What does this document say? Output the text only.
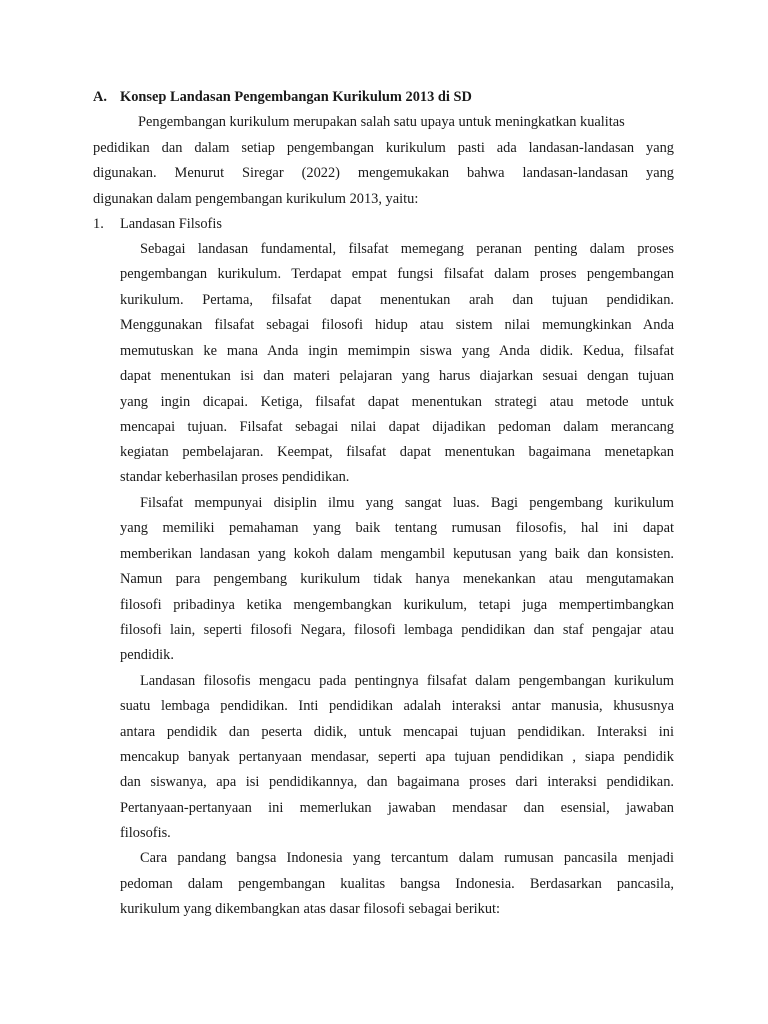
A. Konsep Landasan Pengembangan Kurikulum 2013 di SD
Pengembangan kurikulum merupakan salah satu upaya untuk meningkatkan kualitas
pedidikan dan dalam setiap pengembangan kurikulum pasti ada landasan-landasan yang
digunakan. Menurut Siregar (2022) mengemukakan bahwa landasan-landasan yang
digunakan dalam pengembangan kurikulum 2013, yaitu:
1. Landasan Filsofis
Sebagai landasan fundamental, filsafat memegang peranan penting dalam proses
pengembangan kurikulum. Terdapat empat fungsi filsafat dalam proses pengembangan
kurikulum. Pertama, filsafat dapat menentukan arah dan tujuan pendidikan.
Menggunakan filsafat sebagai filosofi hidup atau sistem nilai memungkinkan Anda
memutuskan ke mana Anda ingin memimpin siswa yang Anda didik. Kedua, filsafat
dapat menentukan isi dan materi pelajaran yang harus diajarkan sesuai dengan tujuan
yang ingin dicapai. Ketiga, filsafat dapat menentukan strategi atau metode untuk
mencapai tujuan. Filsafat sebagai nilai dapat dijadikan pedoman dalam merancang
kegiatan pembelajaran. Keempat, filsafat dapat menentukan bagaimana menetapkan
standar keberhasilan proses pendidikan.
Filsafat mempunyai disiplin ilmu yang sangat luas. Bagi pengembang kurikulum
yang memiliki pemahaman yang baik tentang rumusan filosofis, hal ini dapat
memberikan landasan yang kokoh dalam mengambil keputusan yang baik dan konsisten.
Namun para pengembang kurikulum tidak hanya menekankan atau mengutamakan
filosofi pribadinya ketika mengembangkan kurikulum, tetapi juga mempertimbangkan
filosofi lain, seperti filosofi Negara, filosofi lembaga pendidikan dan staf pengajar atau
pendidik.
Landasan filosofis mengacu pada pentingnya filsafat dalam pengembangan kurikulum
suatu lembaga pendidikan. Inti pendidikan adalah interaksi antar manusia, khususnya
antara pendidik dan peserta didik, untuk mencapai tujuan pendidikan. Interaksi ini
mencakup banyak pertanyaan mendasar, seperti apa tujuan pendidikan , siapa pendidik
dan siswanya, apa isi pendidikannya, dan bagaimana proses dari interaksi pendidikan.
Pertanyaan-pertanyaan ini memerlukan jawaban mendasar dan esensial, jawaban
filosofis.
Cara pandang bangsa Indonesia yang tercantum dalam rumusan pancasila menjadi
pedoman dalam pengembangan kualitas bangsa Indonesia. Berdasarkan pancasila,
kurikulum yang dikembangkan atas dasar filosofi sebagai berikut:
